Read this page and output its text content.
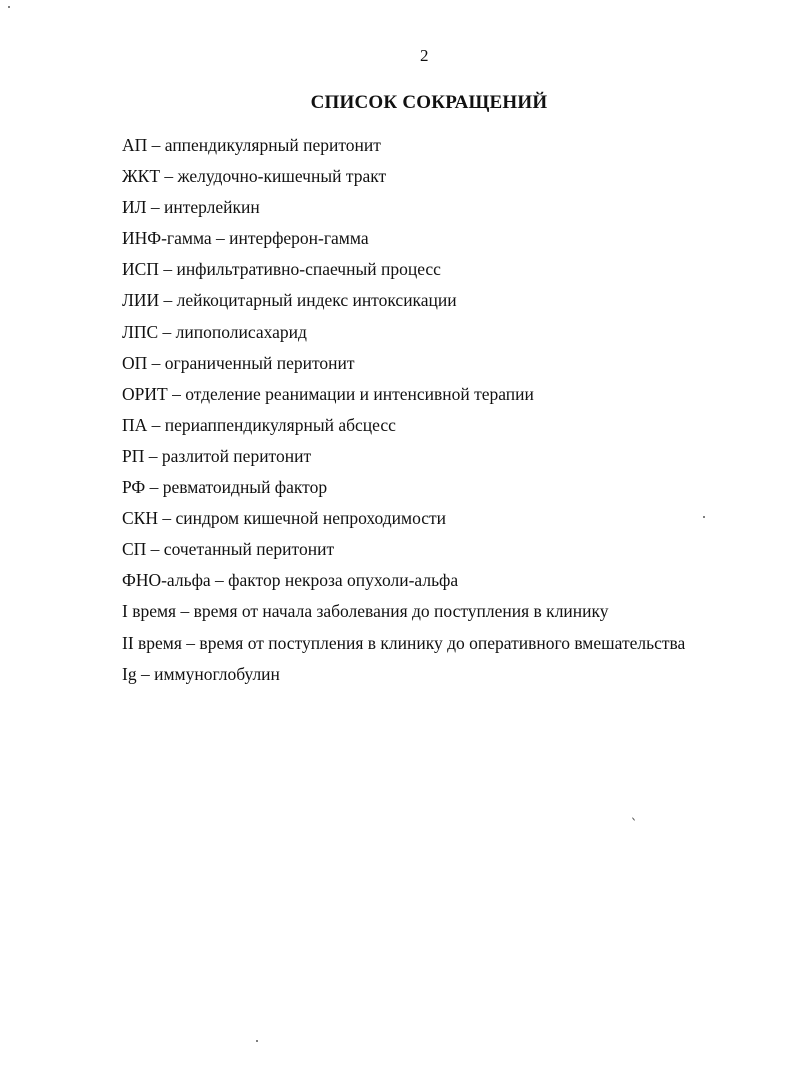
2
СПИСОК СОКРАЩЕНИЙ
АП – аппендикулярный перитонит
ЖКТ – желудочно-кишечный тракт
ИЛ – интерлейкин
ИНФ-гамма – интерферон-гамма
ИСП – инфильтративно-спаечный процесс
ЛИИ – лейкоцитарный индекс интоксикации
ЛПС – липополисахарид
ОП – ограниченный перитонит
ОРИТ – отделение реанимации и интенсивной терапии
ПА – периаппендикулярный абсцесс
РП – разлитой перитонит
РФ – ревматоидный фактор
СКН – синдром кишечной непроходимости
СП – сочетанный перитонит
ФНО-альфа – фактор некроза опухоли-альфа
I время – время от начала заболевания до поступления в клинику
II время – время от поступления в клинику до оперативного вмешательства
Ig – иммуноглобулин
